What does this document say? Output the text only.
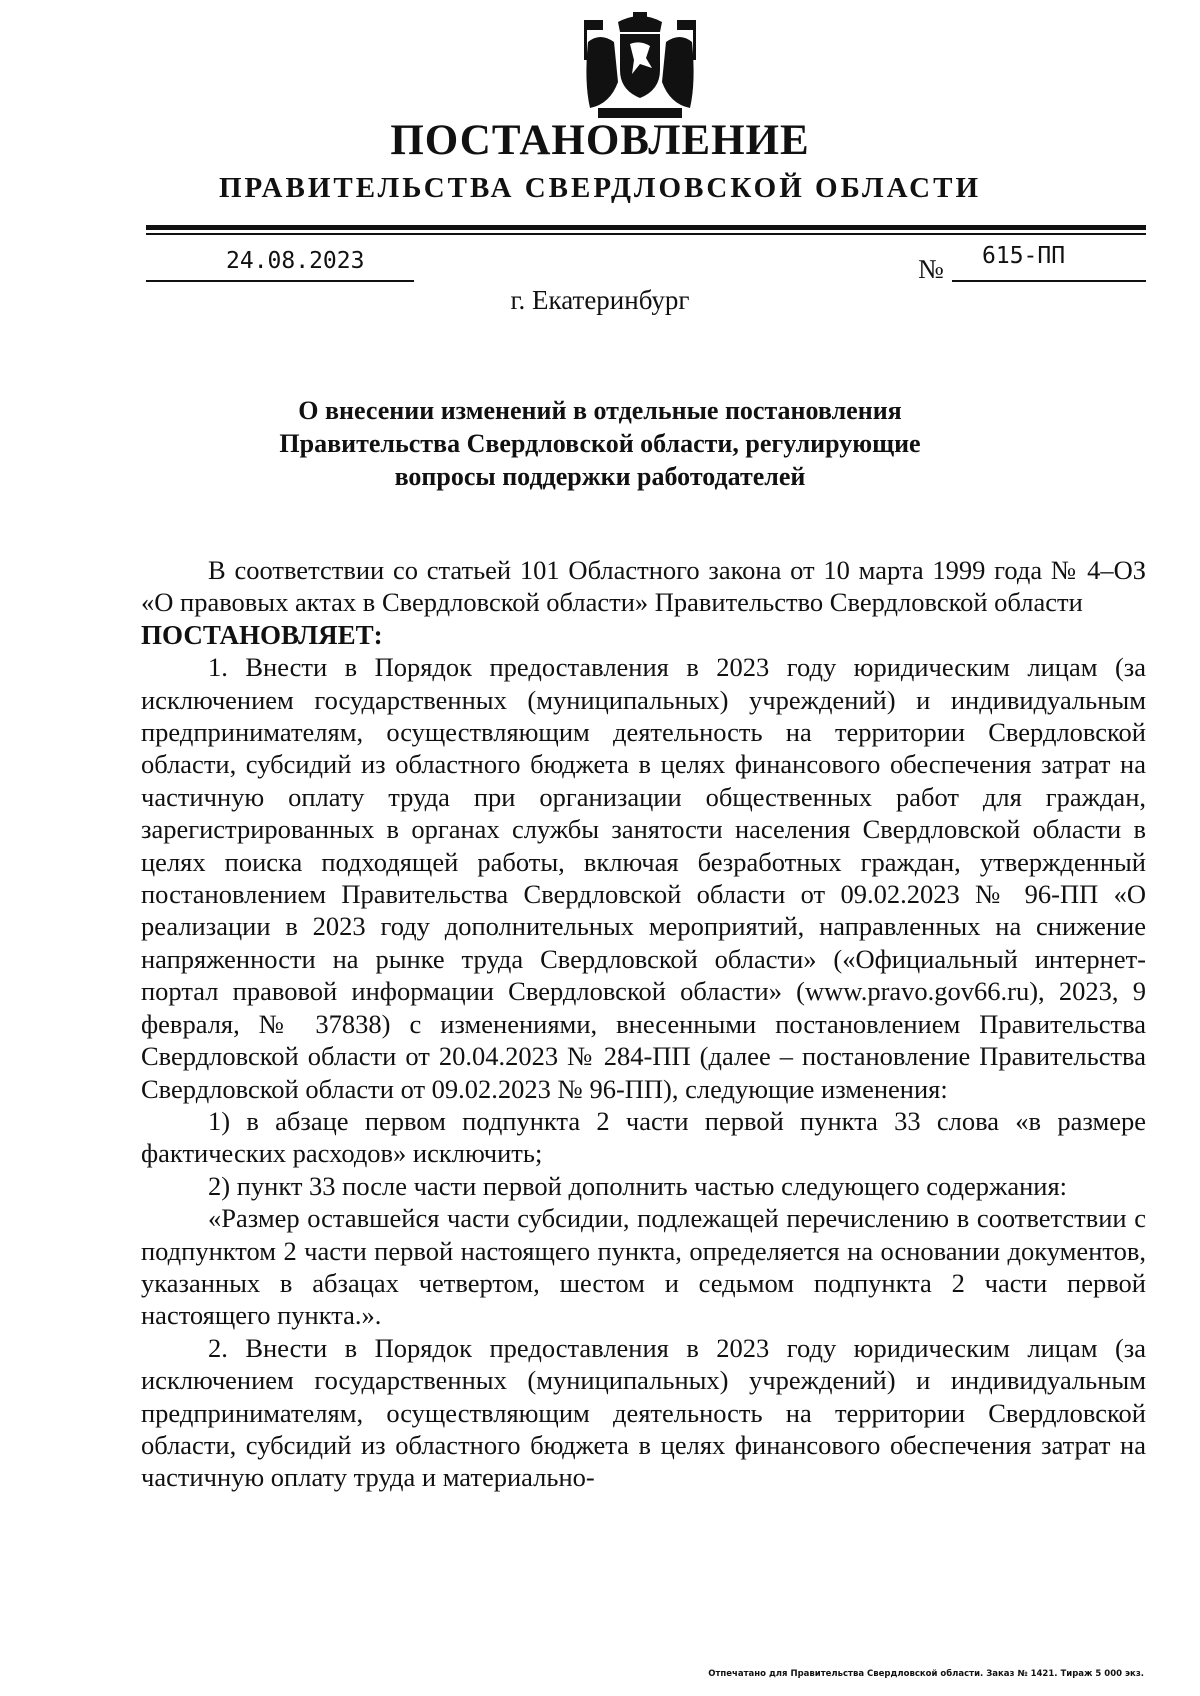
ПОСТАНОВЛЕНИЕ
ПРАВИТЕЛЬСТВА СВЕРДЛОВСКОЙ ОБЛАСТИ
24.08.2023	№ 615-ПП
г. Екатеринбург
О внесении изменений в отдельные постановления
Правительства Свердловской области, регулирующие
вопросы поддержки работодателей

В соответствии со статьей 101 Областного закона от 10 марта 1999 года № 4–ОЗ «О правовых актах в Свердловской области» Правительство Свердловской области

ПОСТАНОВЛЯЕТ:

1. Внести в Порядок предоставления в 2023 году юридическим лицам (за исключением государственных (муниципальных) учреждений) и индивидуальным предпринимателям, осуществляющим деятельность на территории Свердловской области, субсидий из областного бюджета в целях финансового обеспечения затрат на частичную оплату труда при организации общественных работ для граждан, зарегистрированных в органах службы занятости населения Свердловской области в целях поиска подходящей работы, включая безработных граждан, утвержденный постановлением Правительства Свердловской области от 09.02.2023 № 96-ПП «О реализации в 2023 году дополнительных мероприятий, направленных на снижение напряженности на рынке труда Свердловской области» («Официальный интернет-портал правовой информации Свердловской области» (www.pravo.gov66.ru), 2023, 9 февраля, № 37838) с изменениями, внесенными постановлением Правительства Свердловской области от 20.04.2023 № 284-ПП (далее – постановление Правительства Свердловской области от 09.02.2023 № 96-ПП), следующие изменения:

1) в абзаце первом подпункта 2 части первой пункта 33 слова «в размере фактических расходов» исключить;

2) пункт 33 после части первой дополнить частью следующего содержания:

«Размер оставшейся части субсидии, подлежащей перечислению в соответствии с подпунктом 2 части первой настоящего пункта, определяется на основании документов, указанных в абзацах четвертом, шестом и седьмом подпункта 2 части первой настоящего пункта.».

2. Внести в Порядок предоставления в 2023 году юридическим лицам (за исключением государственных (муниципальных) учреждений) и индивидуальным предпринимателям, осуществляющим деятельность на территории Свердловской области, субсидий из областного бюджета в целях финансового обеспечения затрат на частичную оплату труда и материально-

Отпечатано для Правительства Свердловской области. Заказ № 1421. Тираж 5 000 экз.
